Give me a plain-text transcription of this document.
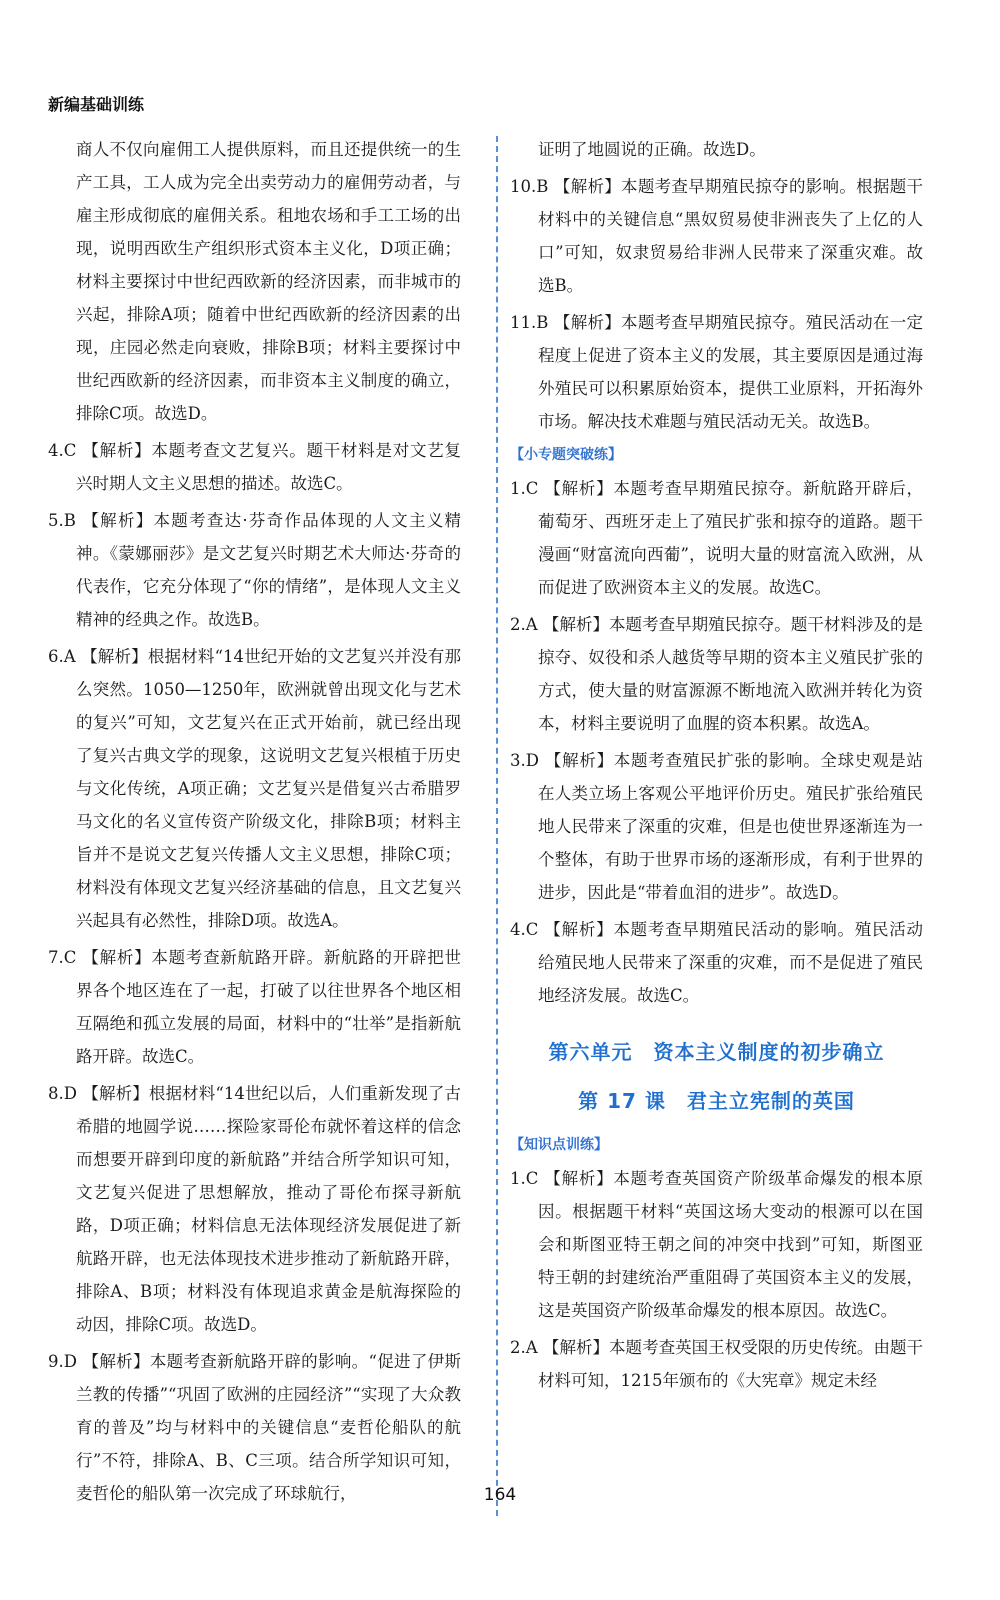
新编基础训练

商人不仅向雇佣工人提供原料，而且还提供统一的生产工具，工人成为完全出卖劳动力的雇佣劳动者，与雇主形成彻底的雇佣关系。租地农场和手工工场的出现，说明西欧生产组织形式资本主义化，D项正确；材料主要探讨中世纪西欧新的经济因素，而非城市的兴起，排除A项；随着中世纪西欧新的经济因素的出现，庄园必然走向衰败，排除B项；材料主要探讨中世纪西欧新的经济因素，而非资本主义制度的确立，排除C项。故选D。

4.C 【解析】本题考查文艺复兴。题干材料是对文艺复兴时期人文主义思想的描述。故选C。

5.B 【解析】本题考查达·芬奇作品体现的人文主义精神。《蒙娜丽莎》是文艺复兴时期艺术大师达·芬奇的代表作，它充分体现了“你的情绪”，是体现人文主义精神的经典之作。故选B。

6.A 【解析】根据材料“14世纪开始的文艺复兴并没有那么突然。1050—1250年，欧洲就曾出现文化与艺术的复兴”可知，文艺复兴在正式开始前，就已经出现了复兴古典文学的现象，这说明文艺复兴根植于历史与文化传统，A项正确；文艺复兴是借复兴古希腊罗马文化的名义宣传资产阶级文化，排除B项；材料主旨并不是说文艺复兴传播人文主义思想，排除C项；材料没有体现文艺复兴经济基础的信息，且文艺复兴兴起具有必然性，排除D项。故选A。

7.C 【解析】本题考查新航路开辟。新航路的开辟把世界各个地区连在了一起，打破了以往世界各个地区相互隔绝和孤立发展的局面，材料中的“壮举”是指新航路开辟。故选C。

8.D 【解析】根据材料“14世纪以后，人们重新发现了古希腊的地圆学说……探险家哥伦布就怀着这样的信念而想要开辟到印度的新航路”并结合所学知识可知，文艺复兴促进了思想解放，推动了哥伦布探寻新航路，D项正确；材料信息无法体现经济发展促进了新航路开辟，也无法体现技术进步推动了新航路开辟，排除A、B项；材料没有体现追求黄金是航海探险的动因，排除C项。故选D。

9.D 【解析】本题考查新航路开辟的影响。“促进了伊斯兰教的传播”“巩固了欧洲的庄园经济”“实现了大众教育的普及”均与材料中的关键信息“麦哲伦船队的航行”不符，排除A、B、C三项。结合所学知识可知，麦哲伦的船队第一次完成了环球航行，

证明了地圆说的正确。故选D。

10.B 【解析】本题考查早期殖民掠夺的影响。根据题干材料中的关键信息“黑奴贸易使非洲丧失了上亿的人口”可知，奴隶贸易给非洲人民带来了深重灾难。故选B。

11.B 【解析】本题考查早期殖民掠夺。殖民活动在一定程度上促进了资本主义的发展，其主要原因是通过海外殖民可以积累原始资本，提供工业原料，开拓海外市场。解决技术难题与殖民活动无关。故选B。

【小专题突破练】

1.C 【解析】本题考查早期殖民掠夺。新航路开辟后，葡萄牙、西班牙走上了殖民扩张和掠夺的道路。题干漫画“财富流向西葡”，说明大量的财富流入欧洲，从而促进了欧洲资本主义的发展。故选C。

2.A 【解析】本题考查早期殖民掠夺。题干材料涉及的是掠夺、奴役和杀人越货等早期的资本主义殖民扩张的方式，使大量的财富源源不断地流入欧洲并转化为资本，材料主要说明了血腥的资本积累。故选A。

3.D 【解析】本题考查殖民扩张的影响。全球史观是站在人类立场上客观公平地评价历史。殖民扩张给殖民地人民带来了深重的灾难，但是也使世界逐渐连为一个整体，有助于世界市场的逐渐形成，有利于世界的进步，因此是“带着血泪的进步”。故选D。

4.C 【解析】本题考查早期殖民活动的影响。殖民活动给殖民地人民带来了深重的灾难，而不是促进了殖民地经济发展。故选C。

第六单元　资本主义制度的初步确立
第 17 课　君主立宪制的英国
【知识点训练】

1.C 【解析】本题考查英国资产阶级革命爆发的根本原因。根据题干材料“英国这场大变动的根源可以在国会和斯图亚特王朝之间的冲突中找到”可知，斯图亚特王朝的封建统治严重阻碍了英国资本主义的发展，这是英国资产阶级革命爆发的根本原因。故选C。

2.A 【解析】本题考查英国王权受限的历史传统。由题干材料可知，1215年颁布的《大宪章》规定未经

164
